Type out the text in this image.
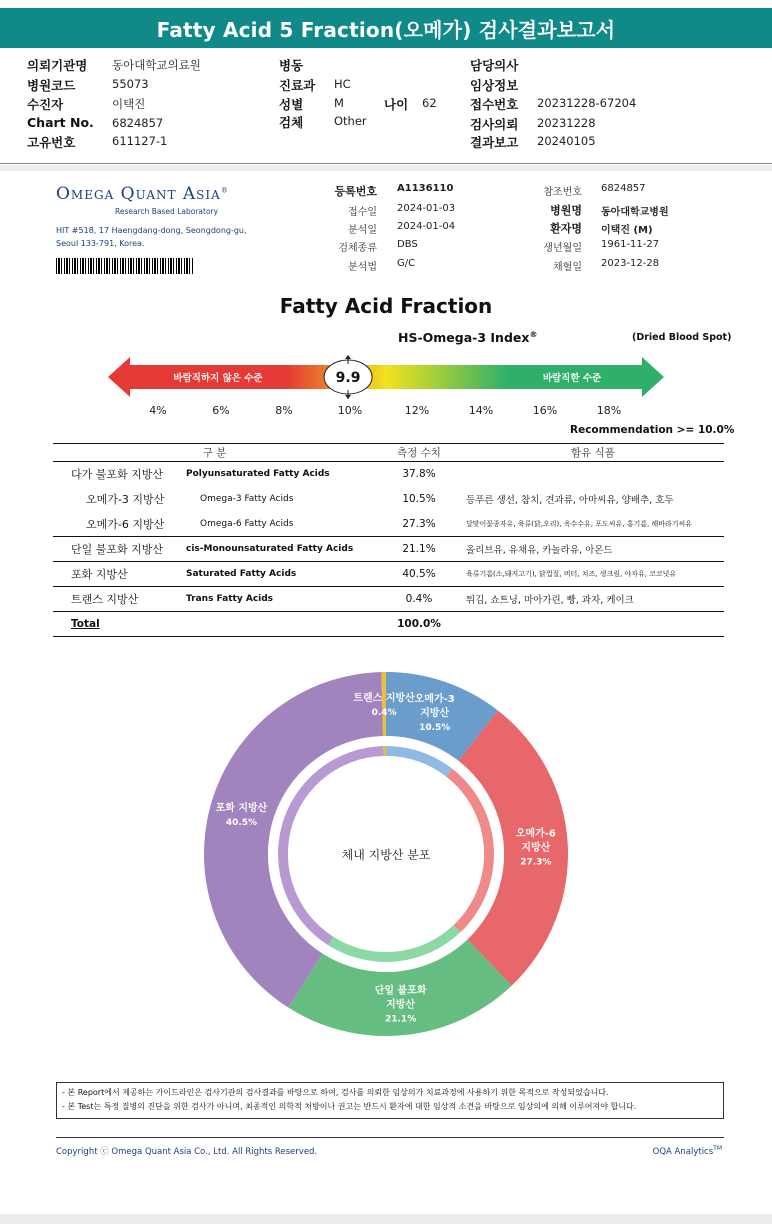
Fatty Acid 5 Fraction(오메가) 검사결과보고서
의뢰기관명 동아대학교의료원
병원코드	55073
수진자	이택진
Chart No. 6824857
고유번호	611127-1
병동
진료과 HC
성별	M	나이 62
검체	Other
담당의사
임상정보
접수번호 20231228-67204
검사의뢰 20231228
결과보고 20240105
Omega Quant Asia®
Research Based Laboratory
HIT #518, 17 Haengdang-dong, Seongdong-gu,
Seoul 133-791, Korea.
등록번호 A1136110
접수일 2024-01-03
분석일 2024-01-04
검체종류 DBS
분석법 G/C
참조번호 6824857
병원명 동아대학교병원
환자명 이택진 (M)
생년월일 1961-11-27
채혈일 2023-12-28
Fatty Acid Fraction
HS-Omega-3 Index®	(Dried Blood Spot)
바람직하지 않은 수준	바람직한 수준
9.9
4%	6%	8%	10%	12%	14%	16%	18%
Recommendation >= 10.0%
구 분		측정 수치	함유 식품
다가 불포화 지방산	Polyunsaturated Fatty Acids	37.8%	
오메가-3 지방산	Omega-3 Fatty Acids	10.5%	등푸른 생선, 참치, 견과류, 아마씨유, 양배추, 호두
오메가-6 지방산	Omega-6 Fatty Acids	27.3%	달맞이꽃종자유, 육류(닭,오리), 옥수수유, 포도씨유, 홍기름, 해바라기씨유
단일 불포화 지방산	cis-Monounsaturated Fatty Acids	21.1%	올리브유, 유채유, 카놀라유, 아몬드
포화 지방산	Saturated Fatty Acids	40.5%	육류기름(소,돼지고기), 닭껍질, 버터, 치즈, 생크림, 야자유, 코코넛유
트랜스 지방산	Trans Fatty Acids	0.4%	튀김, 쇼트닝, 마아가린, 빵, 과자, 케이크
Total		100.0%	
체내 지방산 분포
오메가-3
지방산
10.5%
오메가-6
지방산
27.3%
단일 불포화
지방산
21.1%
포화 지방산
40.5%
트랜스 지방산
0.4%
- 본 Report에서 제공하는 가이드라인은 검사기관의 검사결과를 바탕으로 하여, 검사를 의뢰한 임상의가 치료과정에 사용하기 위한 목적으로 작성되었습니다.
- 본 Test는 특정 질병의 진단을 위한 검사가 아니며, 최종적인 의학적 처방이나 권고는 반드시 환자에 대한 임상적 소견을 바탕으로 임상의에 의해 이루어져야 합니다.
Copyright ⓒ Omega Quant Asia Co., Ltd. All Rights Reserved.	OQA Analytics™
